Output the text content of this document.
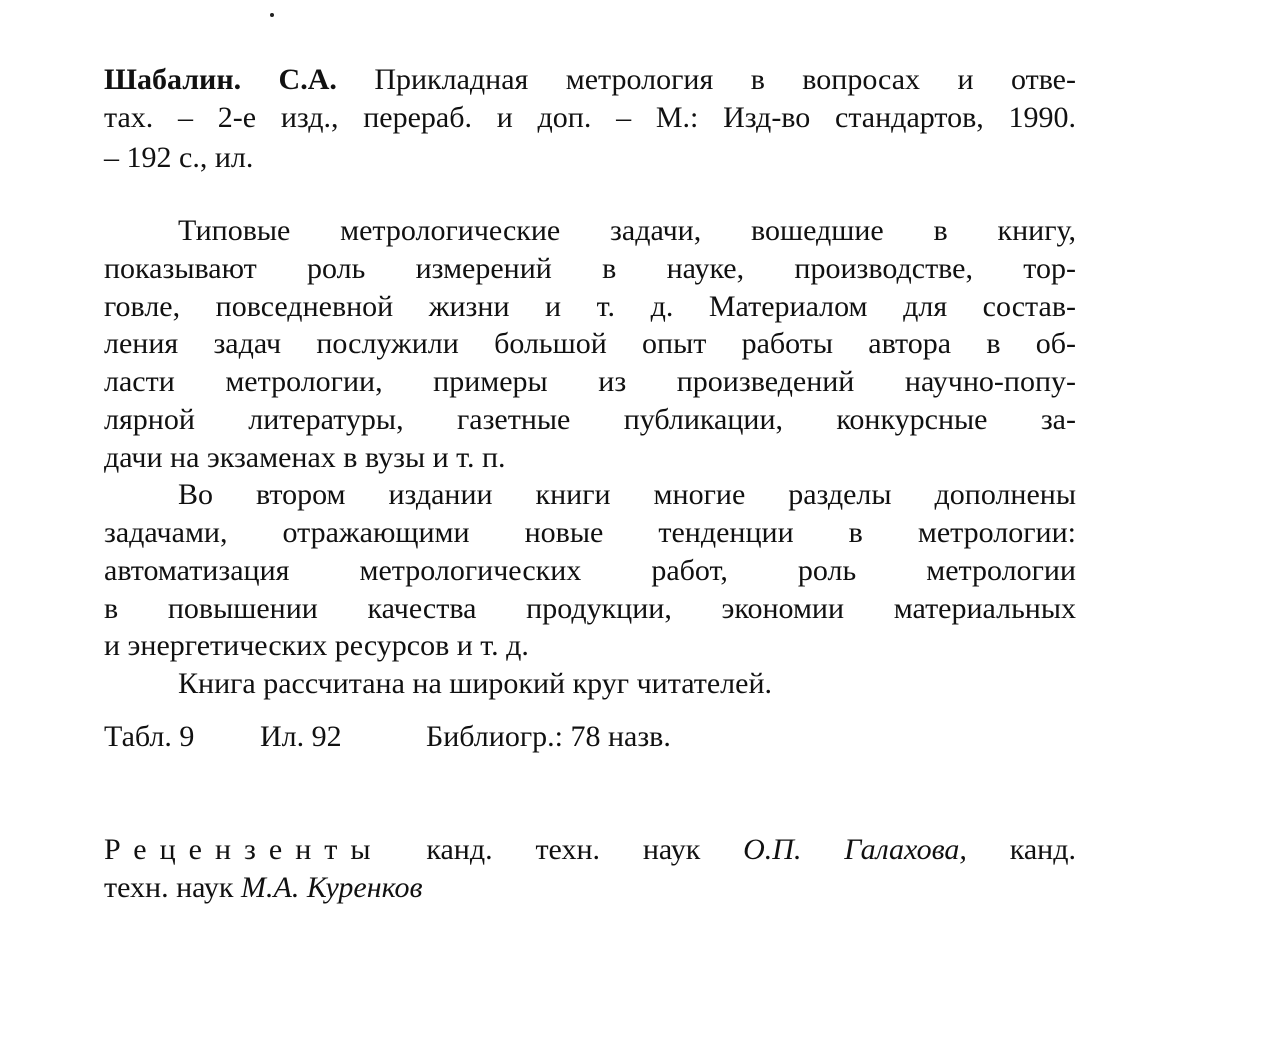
Шабалин. С.А. Прикладная метрология в вопросах и отве-
тах. – 2-е изд., перераб. и доп. – М.: Изд-во стандартов, 1990.
– 192 с., ил.
Типовые метрологические задачи, вошедшие в книгу,
показывают роль измерений в науке, производстве, тор-
говле, повседневной жизни и т. д. Материалом для состав-
ления задач послужили большой опыт работы автора в об-
ласти метрологии, примеры из произведений научно-попу-
лярной литературы, газетные публикации, конкурсные за-
дачи на экзаменах в вузы и т. п.
Во втором издании книги многие разделы дополнены
задачами, отражающими новые тенденции в метрологии:
автоматизация метрологических работ, роль метрологии
в повышении качества продукции, экономии материальных
и энергетических ресурсов и т. д.
Книга рассчитана на широкий круг читателей.
Табл. 9 Ил. 92	Библиогр.: 78 назв.
Рецензенты канд. техн. наук О.П. Галахова, канд.
техн. наук М.А. Куренков
